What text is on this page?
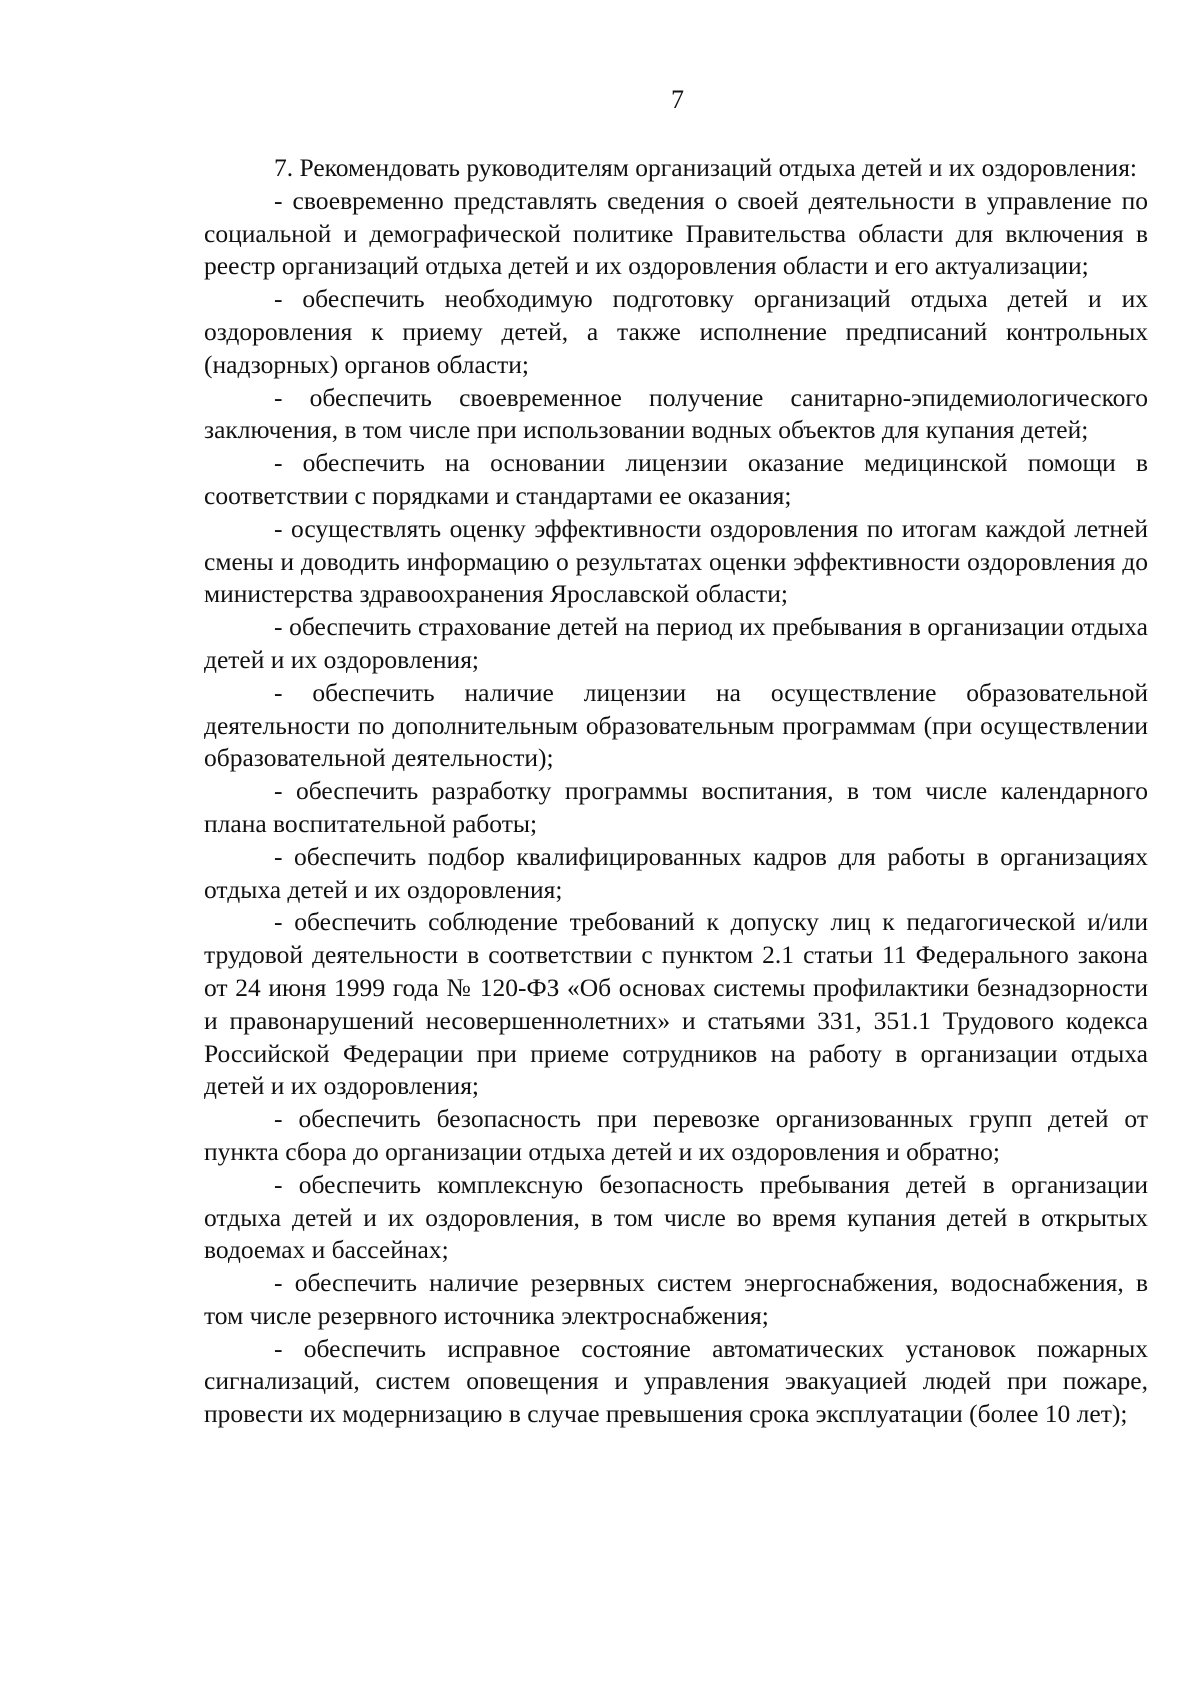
7

7. Рекомендовать руководителям организаций отдыха детей и их оздоровления:

- своевременно представлять сведения о своей деятельности в управление по социальной и демографической политике Правительства области для включения в реестр организаций отдыха детей и их оздоровления области и его актуализации;

- обеспечить необходимую подготовку организаций отдыха детей и их оздоровления к приему детей, а также исполнение предписаний контрольных (надзорных) органов области;

- обеспечить своевременное получение санитарно-эпидемиологического заключения, в том числе при использовании водных объектов для купания детей;

- обеспечить на основании лицензии оказание медицинской помощи в соответствии с порядками и стандартами ее оказания;

- осуществлять оценку эффективности оздоровления по итогам каждой летней смены и доводить информацию о результатах оценки эффективности оздоровления до министерства здравоохранения Ярославской области;

- обеспечить страхование детей на период их пребывания в организации отдыха детей и их оздоровления;

- обеспечить наличие лицензии на осуществление образовательной деятельности по дополнительным образовательным программам (при осуществлении образовательной деятельности);

- обеспечить разработку программы воспитания, в том числе календарного плана воспитательной работы;

- обеспечить подбор квалифицированных кадров для работы в организациях отдыха детей и их оздоровления;

- обеспечить соблюдение требований к допуску лиц к педагогической и/или трудовой деятельности в соответствии с пунктом 2.1 статьи 11 Федерального закона от 24 июня 1999 года № 120-ФЗ «Об основах системы профилактики безнадзорности и правонарушений несовершеннолетних» и статьями 331, 351.1 Трудового кодекса Российской Федерации при приеме сотрудников на работу в организации отдыха детей и их оздоровления;

- обеспечить безопасность при перевозке организованных групп детей от пункта сбора до организации отдыха детей и их оздоровления и обратно;

- обеспечить комплексную безопасность пребывания детей в организации отдыха детей и их оздоровления, в том числе во время купания детей в открытых водоемах и бассейнах;

- обеспечить наличие резервных систем энергоснабжения, водоснабжения, в том числе резервного источника электроснабжения;

- обеспечить исправное состояние автоматических установок пожарных сигнализаций, систем оповещения и управления эвакуацией людей при пожаре, провести их модернизацию в случае превышения срока эксплуатации (более 10 лет);
